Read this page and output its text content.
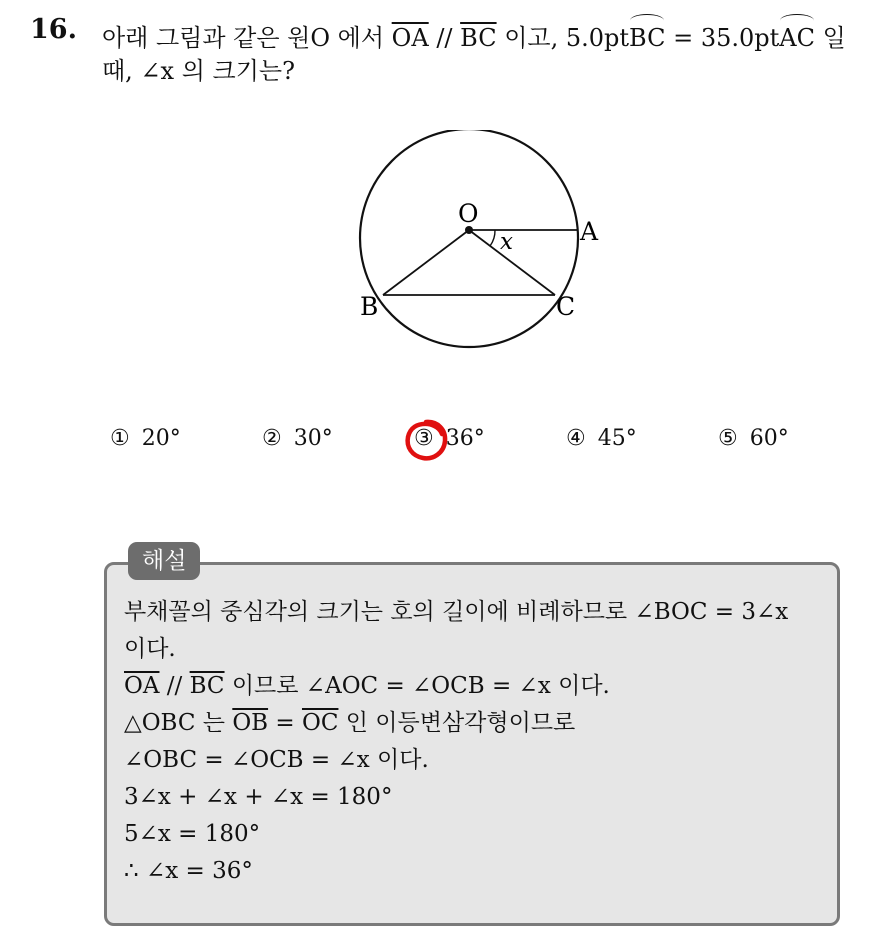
16. 아래 그림과 같은 원O 에서 $\overline{OA} // \overline{BC}$ 이고, 5.0ptBC = 35.0ptAC 일
때, ∠x 의 크기는?
O
A
B	C
x
① 20°	② 30°	③ 36°	④ 45°	⑤ 60°
해설
부채꼴의 중심각의 크기는 호의 길이에 비례하므로 ∠BOC = 3∠x
이다.
$\overline{OA} // \overline{BC}$ 이므로 ∠AOC = ∠OCB = ∠x 이다.
△OBC 는 $\overline{OB} = \overline{OC}$ 인 이등변삼각형이므로
∠OBC = ∠OCB = ∠x 이다.
3∠x + ∠x + ∠x = 180°
5∠x = 180°
∴ ∠x = 36°
